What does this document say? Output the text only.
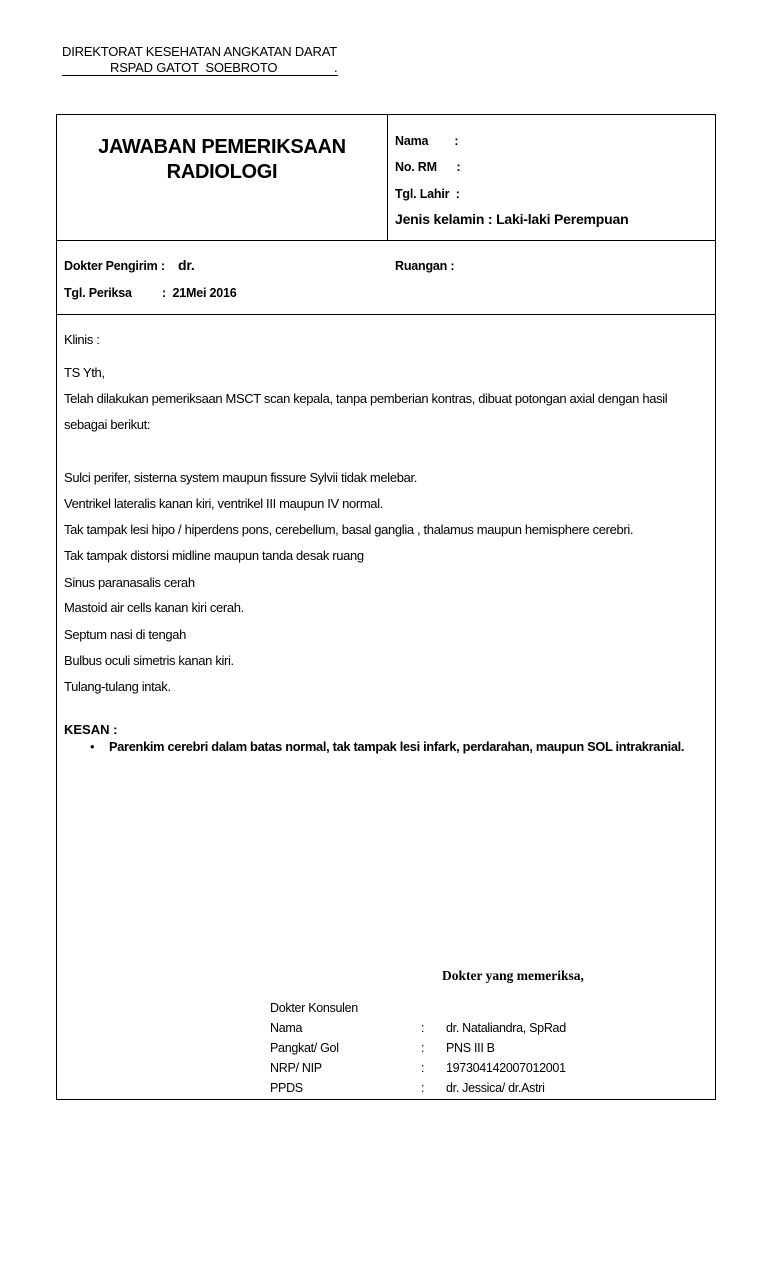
DIREKTORAT KESEHATAN ANGKATAN DARAT
RSPAD GATOT  SOEBROTO	.
JAWABAN PEMERIKSAAN
RADIOLOGI
Nama        :
No. RM      :
Tgl. Lahir  :
Jenis kelamin : Laki-laki Perempuan
Dokter Pengirim : dr.	Ruangan :
Tgl. Periksa :  21Mei 2016
Klinis :
TS Yth,
Telah dilakukan pemeriksaan MSCT scan kepala, tanpa pemberian kontras, dibuat potongan axial dengan hasil
sebagai berikut:
Sulci perifer, sisterna system maupun fissure Sylvii tidak melebar.
Ventrikel lateralis kanan kiri, ventrikel III maupun IV normal.
Tak tampak lesi hipo / hiperdens pons, cerebellum, basal ganglia , thalamus maupun hemisphere cerebri.
Tak tampak distorsi midline maupun tanda desak ruang
Sinus paranasalis cerah
Mastoid air cells kanan kiri cerah.
Septum nasi di tengah
Bulbus oculi simetris kanan kiri.
Tulang-tulang intak.
KESAN :
• Parenkim cerebri dalam batas normal, tak tampak lesi infark, perdarahan, maupun SOL intrakranial.
Dokter yang memeriksa,
Dokter Konsulen
Nama	: dr. Nataliandra, SpRad
Pangkat/ Gol	: PNS III B
NRP/ NIP	: 197304142007012001
PPDS	: dr. Jessica/ dr.Astri
